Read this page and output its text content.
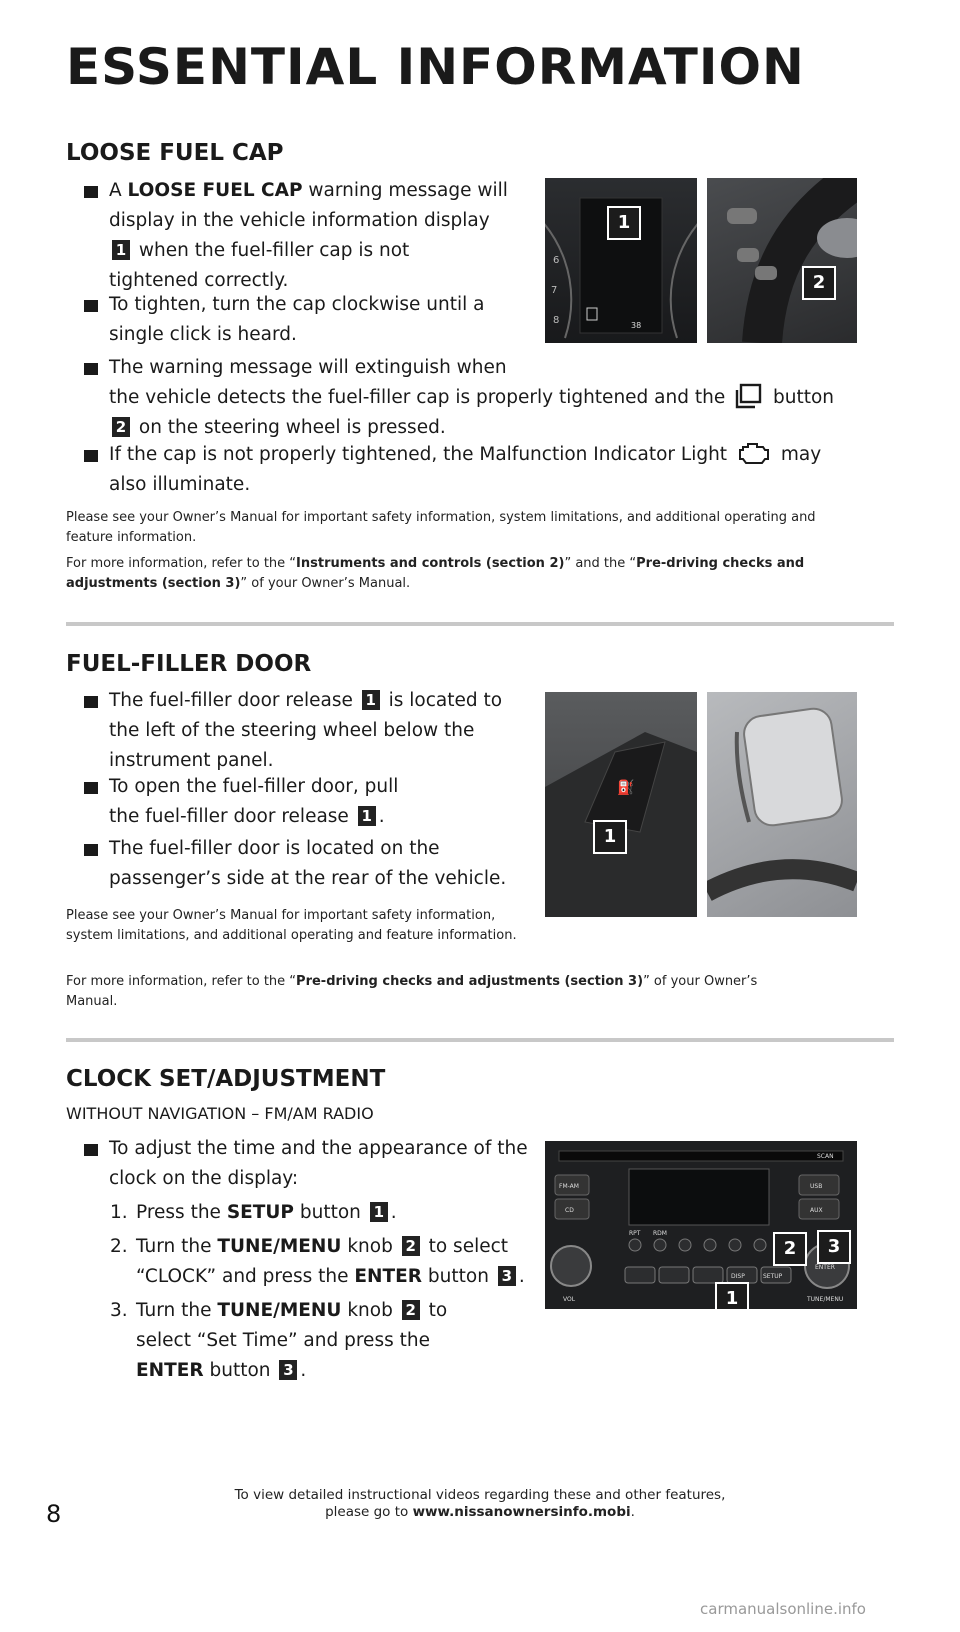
ESSENTIAL INFORMATION
LOOSE FUEL CAP
A LOOSE FUEL CAP warning message will
display in the vehicle information display
1 when the fuel-filler cap is not
tightened correctly.
To tighten, turn the cap clockwise until a
single click is heard.
The warning message will extinguish when
the vehicle detects the fuel-filler cap is properly tightened and the	button
2 on the steering wheel is pressed.
If the cap is not properly tightened, the Malfunction Indicator Light	may
also illuminate.
Please see your Owner’s Manual for important safety information, system limitations, and additional operating and feature information.
For more information, refer to the “Instruments and controls (section 2)” and the “Pre-driving checks and adjustments (section 3)” of your Owner’s Manual.
38
6
7
8
1
2
FUEL-FILLER DOOR
The fuel-filler door release 1 is located to
the left of the steering wheel below the
instrument panel.
To open the fuel-filler door, pull
the fuel-filler door release 1 .
The fuel-filler door is located on the
passenger’s side at the rear of the vehicle.
Please see your Owner’s Manual for important safety information, system limitations, and additional operating and feature information.
For more information, refer to the “Pre-driving checks and adjustments (section 3)” of your Owner’s Manual.
⛽
1
CLOCK SET/ADJUSTMENT
WITHOUT NAVIGATION – FM/AM RADIO
To adjust the time and the appearance of the
clock on the display:
1. Press the SETUP button 1 .
2. Turn the TUNE/MENU knob 2 to select
“CLOCK” and press the ENTER button 3 .
3. Turn the TUNE/MENU knob 2 to
select “Set Time” and press the
ENTER button 3 .
FM-AM
CD
USB
AUX
RPT RDM
DISP	SETUP
ENTER
VOL	TUNE/MENU
SCAN
2	3
1
8
To view detailed instructional videos regarding these and other features,
please go to www.nissanownersinfo.mobi.
carmanualsonline.info
